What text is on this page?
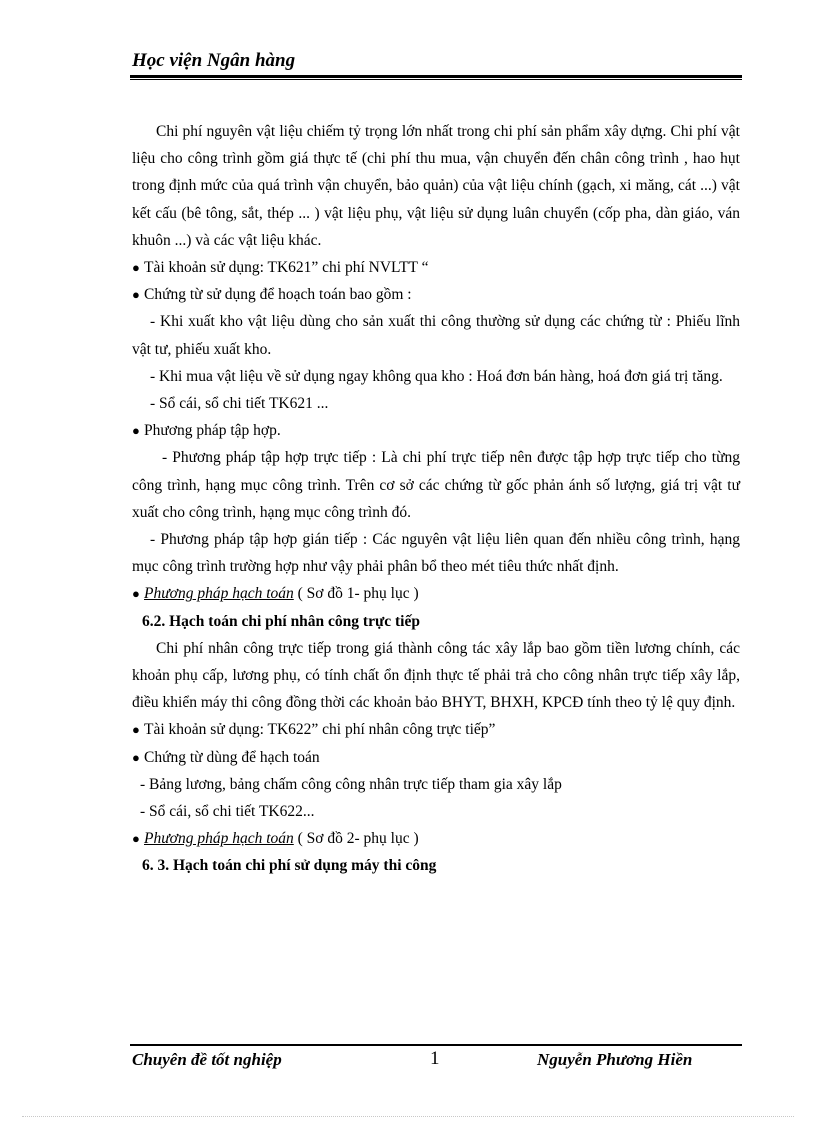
Học viện Ngân hàng

Chi phí nguyên vật liệu chiếm tỷ trọng lớn nhất trong chi phí sản phẩm xây dựng. Chi phí vật liệu cho công trình gồm giá thực tế (chi phí thu mua, vận chuyển đến chân công trình , hao hụt trong định mức của quá trình vận chuyển, bảo quản) của vật liệu chính (gạch, xi măng, cát ...) vật kết cấu (bê tông, sắt, thép ... ) vật liệu phụ, vật liệu sử dụng luân chuyển (cốp pha, dàn giáo, ván khuôn ...) và các vật liệu khác.

● Tài khoản sử dụng: TK621” chi phí NVLTT “

● Chứng từ sử dụng để hoạch toán bao gồm :

- Khi xuất kho vật liệu dùng cho sản xuất thi công thường sử dụng các chứng từ : Phiếu lĩnh vật tư, phiếu xuất kho.

- Khi mua vật liệu về sử dụng ngay không qua kho : Hoá đơn bán hàng, hoá đơn giá trị tăng.

- Sổ cái, sổ chi tiết TK621 ...

● Phương pháp tập hợp.

- Phương pháp tập hợp trực tiếp : Là chi phí trực tiếp nên được tập hợp trực tiếp cho từng công trình, hạng mục công trình. Trên cơ sở các chứng từ gốc phản ánh số lượng, giá trị vật tư xuất cho công trình, hạng mục công trình đó.

- Phương pháp tập hợp gián tiếp : Các nguyên vật liệu liên quan đến nhiều công trình, hạng mục công trình trường hợp như vậy phải phân bổ theo mét tiêu thức nhất định.

● Phương pháp hạch toán ( Sơ đồ 1- phụ lục )

6.2. Hạch toán chi phí nhân công trực tiếp

Chi phí nhân công trực tiếp trong giá thành công tác xây lắp bao gồm tiền lương chính, các khoản phụ cấp, lương phụ, có tính chất ổn định thực tế phải trả cho công nhân trực tiếp xây lắp, điều khiển máy thi công đồng thời các khoản bảo BHYT, BHXH, KPCĐ tính theo tỷ lệ quy định.

● Tài khoản sử dụng: TK622” chi phí nhân công trực tiếp”

● Chứng từ dùng để hạch toán

- Bảng lương, bảng chấm công công nhân trực tiếp tham gia xây lắp

- Sổ cái, sổ chi tiết TK622...

● Phương pháp hạch toán ( Sơ đồ 2- phụ lục )

6. 3. Hạch toán chi phí sử dụng máy thi công

Chuyên đề tốt nghiệp	1	Nguyễn Phương Hiền
